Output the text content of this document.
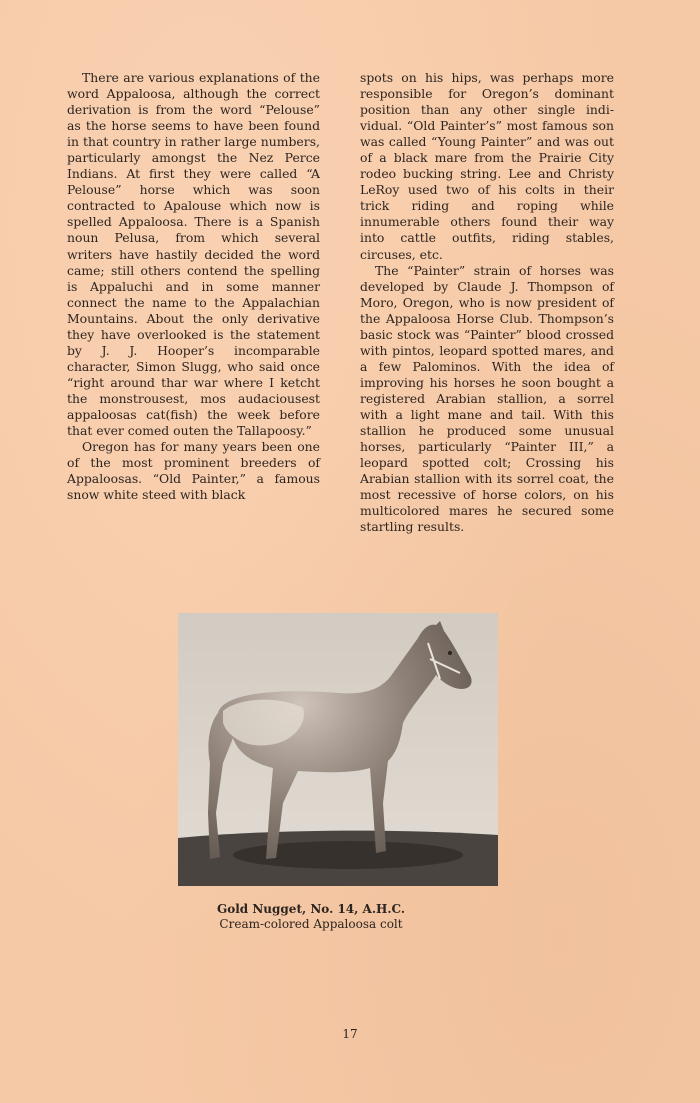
There are various explanations of the word Appaloosa, although the correct derivation is from the word “Pelouse” as the horse seems to have been found in that country in rather large numbers, particularly amongst the Nez Perce Indians. At first they were called “A Pelouse” horse which was soon contracted to Apalouse which now is spelled Appaloosa. There is a Spanish noun Pelusa, from which several writers have hastily decided the word came; still others contend the spelling is Appaluchi and in some manner connect the name to the Appalachian Mountains. About the only derivative they have overlooked is the statement by J. J. Hooper’s incomparable character, Simon Slugg, who said once “right around thar war where I ketcht the monstrousest, mos audaciousest appaloosas cat(fish) the week before that ever comed outen the Tallapoosy.”

Oregon has for many years been one of the most prominent breeders of Appaloosas. “Old Painter,” a famous snow white steed with black

spots on his hips, was perhaps more responsible for Oregon’s dominant position than any other single individual. “Old Painter’s” most famous son was called “Young Painter” and was out of a black mare from the Prairie City rodeo bucking string. Lee and Christy LeRoy used two of his colts in their trick riding and roping while innumerable others found their way into cattle outfits, riding stables, circuses, etc.

The “Painter” strain of horses was developed by Claude J. Thompson of Moro, Oregon, who is now president of the Appaloosa Horse Club. Thompson’s basic stock was “Painter” blood crossed with pintos, leopard spotted mares, and a few Palominos. With the idea of improving his horses he soon bought a registered Arabian stallion, a sorrel with a light mane and tail. With this stallion he produced some unusual horses, particularly “Painter III,” a leopard spotted colt; Crossing his Arabian stallion with its sorrel coat, the most recessive of horse colors, on his multicolored mares he secured some startling results.

Gold Nugget, No. 14, A.H.C.
Cream-colored Appaloosa colt
17
